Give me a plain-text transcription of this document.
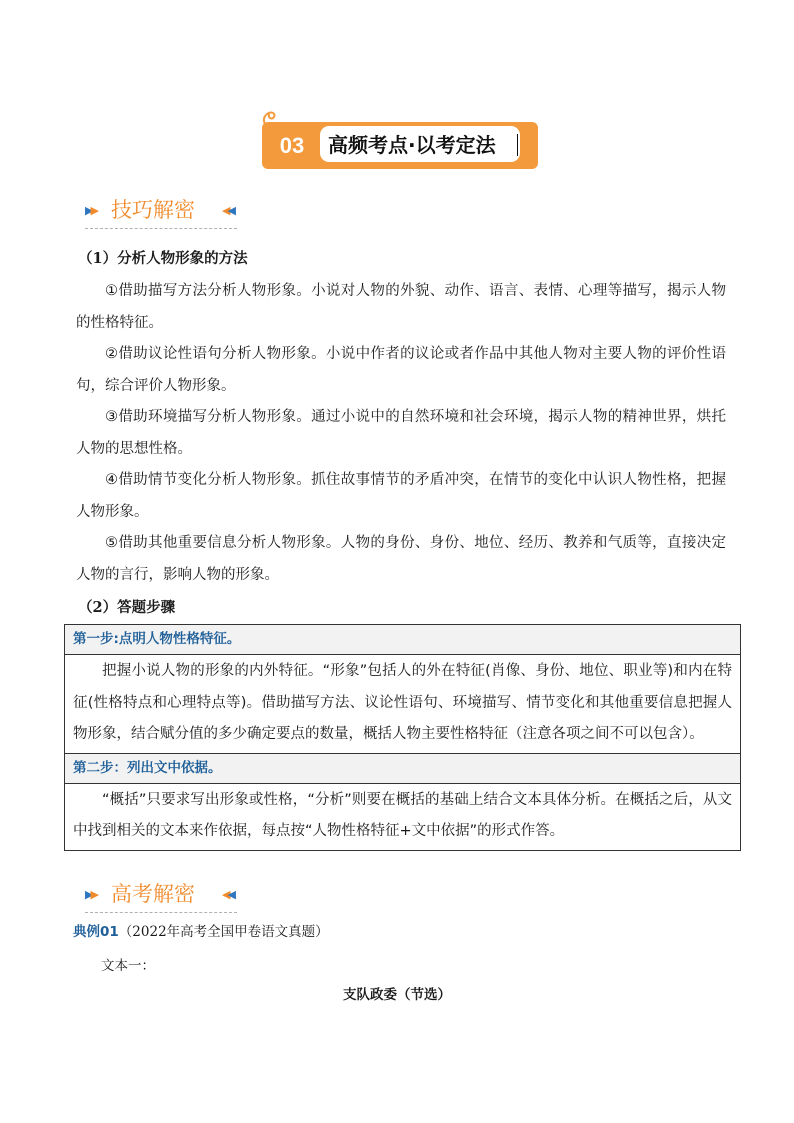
03	高频考点·以考定法
▶▶ 技巧解密 ◀◀
（1）分析人物形象的方法

①借助描写方法分析人物形象。小说对人物的外貌、动作、语言、表情、心理等描写，揭示人物的性格特征。

②借助议论性语句分析人物形象。小说中作者的议论或者作品中其他人物对主要人物的评价性语句，综合评价人物形象。

③借助环境描写分析人物形象。通过小说中的自然环境和社会环境，揭示人物的精神世界，烘托人物的思想性格。

④借助情节变化分析人物形象。抓住故事情节的矛盾冲突，在情节的变化中认识人物性格，把握人物形象。

⑤借助其他重要信息分析人物形象。人物的身份、身份、地位、经历、教养和气质等，直接决定人物的言行，影响人物的形象。

（2）答题步骤
第一步:点明人物性格特征。
把握小说人物的形象的内外特征。“形象”包括人的外在特征(肖像、身份、地位、职业等)和内在特征(性格特点和心理特点等)。借助描写方法、议论性语句、环境描写、情节变化和其他重要信息把握人物形象，结合赋分值的多少确定要点的数量，概括人物主要性格特征（注意各项之间不可以包含）。
第二步：列出文中依据。
“概括”只要求写出形象或性格，“分析”则要在概括的基础上结合文本具体分析。在概括之后，从文中找到相关的文本来作依据，每点按“人物性格特征+文中依据”的形式作答。
▶▶ 高考解密 ◀◀
典例01（2022年高考全国甲卷语文真题）
文本一：
支队政委（节选）
